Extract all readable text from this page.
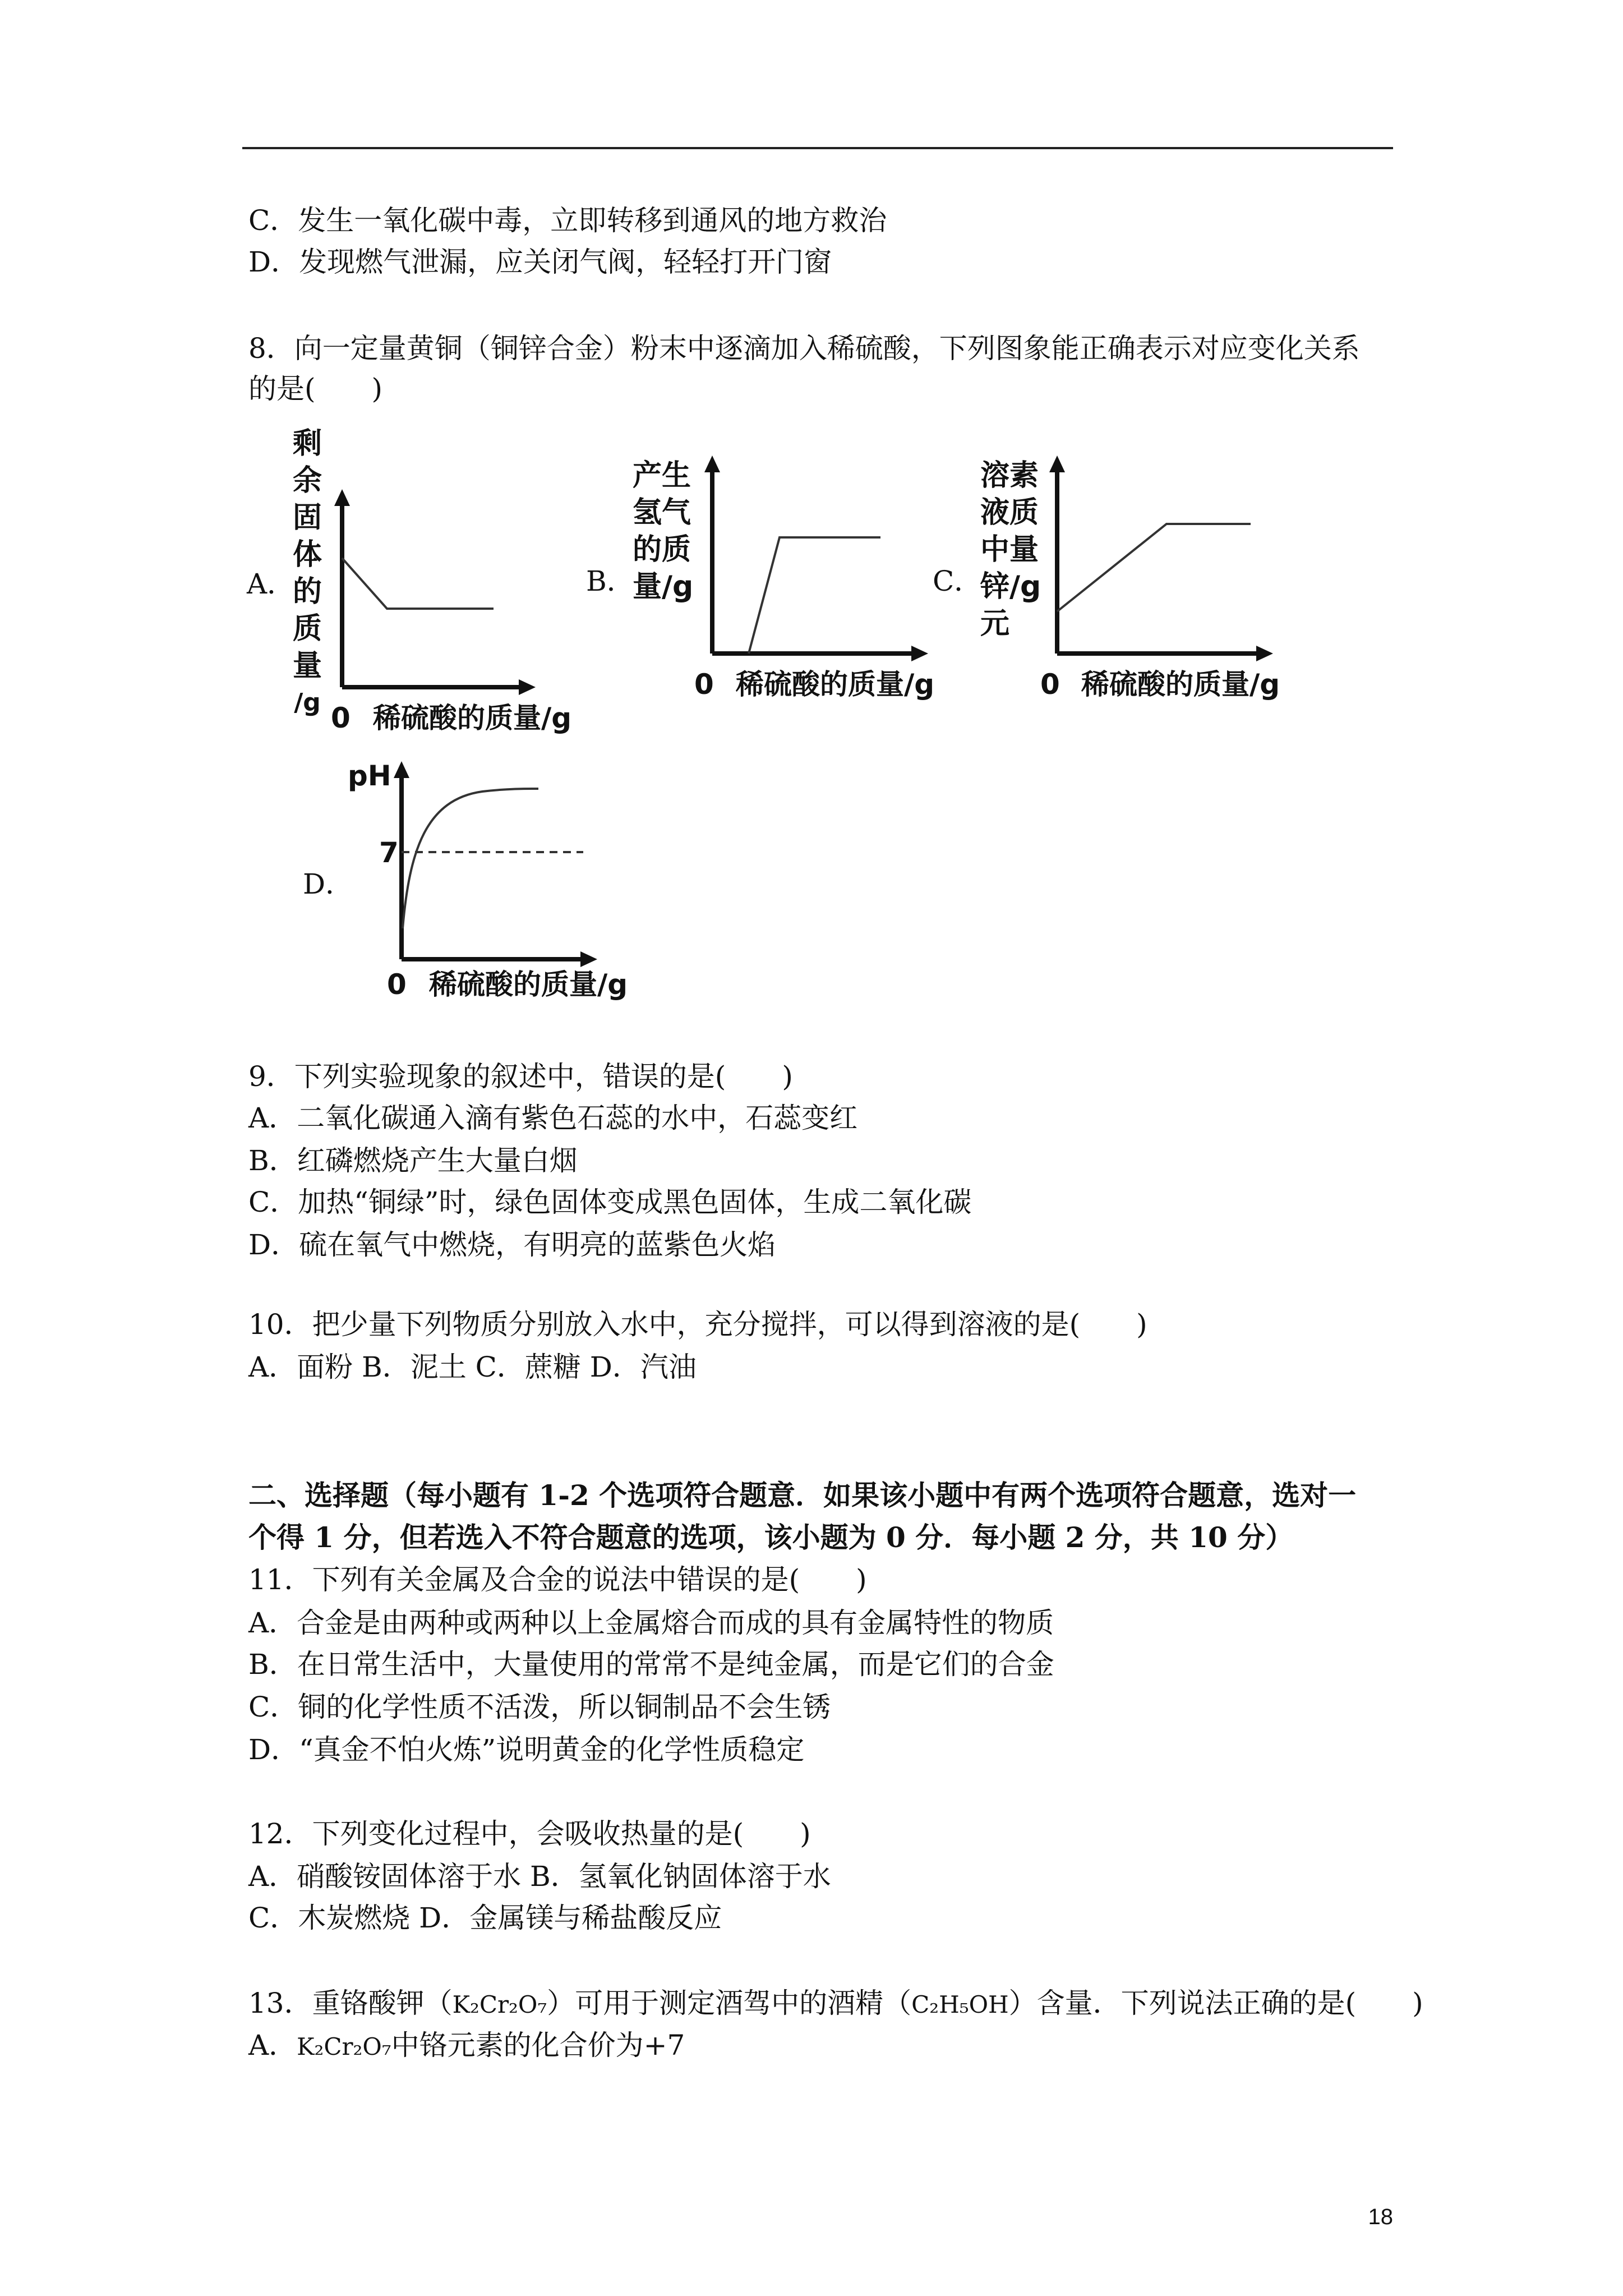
C．发生一氧化碳中毒，立即转移到通风的地方救治
D．发现燃气泄漏，应关闭气阀，轻轻打开门窗
8．向一定量黄铜（铜锌合金）粉末中逐滴加入稀硫酸，下列图象能正确表示对应变化关系
的是(　　)
A．
剩
余
固
体
的
质
量
/g 0 稀硫酸的质量/g
B．
产生
氢气
的质
量/g
0 稀硫酸的质量/g
C．
溶素
液质
中量
锌/g
元
0 稀硫酸的质量/g
D．
pH
7
0 稀硫酸的质量/g
9．下列实验现象的叙述中，错误的是(　　)
A．二氧化碳通入滴有紫色石蕊的水中，石蕊变红
B．红磷燃烧产生大量白烟
C．加热“铜绿”时，绿色固体变成黑色固体，生成二氧化碳
D．硫在氧气中燃烧，有明亮的蓝紫色火焰
10．把少量下列物质分别放入水中，充分搅拌，可以得到溶液的是(　　)
A．面粉 B．泥土 C．蔗糖 D．汽油
二、选择题（每小题有 1-2 个选项符合题意．如果该小题中有两个选项符合题意，选对一
个得 1 分，但若选入不符合题意的选项，该小题为 0 分．每小题 2 分，共 10 分）
11．下列有关金属及合金的说法中错误的是(　　)
A．合金是由两种或两种以上金属熔合而成的具有金属特性的物质
B．在日常生活中，大量使用的常常不是纯金属，而是它们的合金
C．铜的化学性质不活泼，所以铜制品不会生锈
D．“真金不怕火炼”说明黄金的化学性质稳定
12．下列变化过程中，会吸收热量的是(　　)
A．硝酸铵固体溶于水 B．氢氧化钠固体溶于水
C．木炭燃烧 D．金属镁与稀盐酸反应
13．重铬酸钾（K₂Cr₂O₇）可用于测定酒驾中的酒精（C₂H₅OH）含量．下列说法正确的是(　　)
A．K₂Cr₂O₇中铬元素的化合价为+7
18
